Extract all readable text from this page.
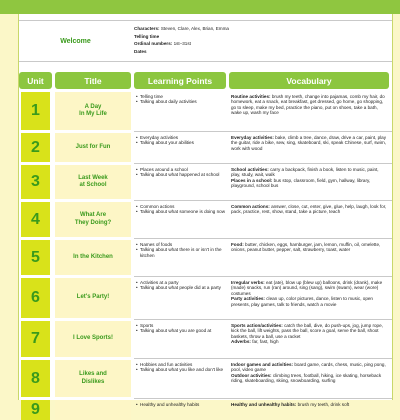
Welcome
Characters: Steven, Clare, Alex, Brian, Emma
Telling time
Ordinal numbers: 1st–31st
Dates
Unit	Title	Learning Points	Vocabulary
1	A Day
In My Life
• Telling time
• Talking about daily activities

Routine activities: brush my teeth, change into pajamas, comb my hair, do homework, eat a snack, eat breakfast, get dressed, go home, go shopping, go to sleep, make my bed, practice the piano, put on shoes, take a bath, wake up, wash my face

2	Just for Fun
• Everyday activities
• Talking about your abilities

Everyday activities: bake, climb a tree, dance, draw, drive a car, paint, play the guitar, ride a bike, sew, sing, skateboard, ski, speak Chinese, surf, swim, work with wood

3	Last Week
at School
• Places around a school
• Talking about what happened at school

School activities: carry a backpack, finish a book, listen to music, paint, play, study, wait, walk

Places in a school: bus stop, classroom, field, gym, hallway, library, playground, school bus

4	What Are
They Doing?
• Common actions
• Talking about what someone is doing now

Common actions: answer, close, cut, enter, give, glue, help, laugh, look for, pack, practice, rest, show, stand, take a picture, teach

5	In the Kitchen
• Names of foods
• Talking about what there is or isn't in the kitchen

Food: butter, chicken, eggs, hamburger, jam, lemon, muffin, oil, omelette, onions, peanut butter, pepper, salt, strawberry, toast, water

6	Let's Party!
• Activities at a party
• Talking about what people did at a party

Irregular verbs: eat (ate), blow up (blew up) balloons, drink (drank), make (made) snacks, run (ran) around, sing (sang), swim (swam), wear (wore) costumes

Party activities: clean up, color pictures, dance, listen to music, open presents, play games, talk to friends, watch a movie

7	I Love Sports!
• Sports
• Talking about what you are good at

Sports action/activities: catch the ball, dive, do push-ups, jog, jump rope, kick the ball, lift weights, pass the ball, score a goal, serve the ball, shoot baskets, throw a ball, use a racket

Adverbs: far, fast, high

8	Likes and
Dislikes
• Hobbies and fun activities
• Talking about what you like and don't like

Indoor games and activities: board game, cards, chess, music, ping pong, pool, video game

Outdoor activities: climbing trees, football, hiking, ice skating, horseback riding, skateboarding, skiing, snowboarding, surfing

9
•	Healthy and unhealthy habits	Healthy and unhealthy habits: brush my teeth, drink soft
